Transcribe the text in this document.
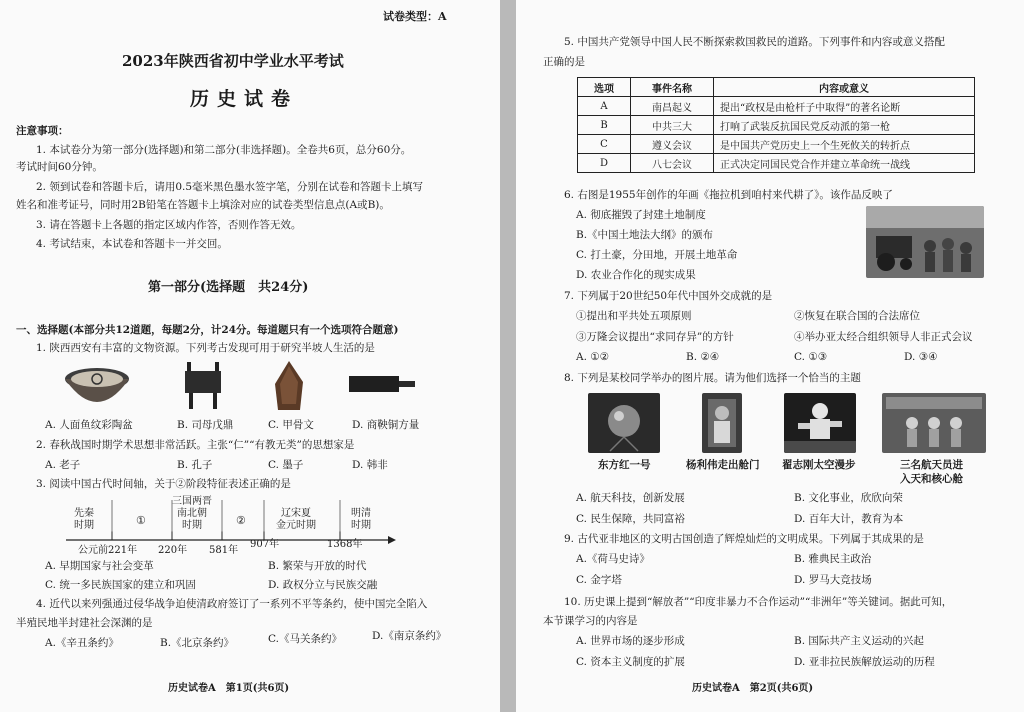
试卷类型：A
2023年陕西省初中学业水平考试
历史试卷
注意事项：
1. 本试卷分为第一部分(选择题)和第二部分(非选择题)。全卷共6页，总分60分。
考试时间60分钟。
2. 领到试卷和答题卡后，请用0.5毫米黑色墨水签字笔，分别在试卷和答题卡上填写
姓名和准考证号，同时用2B铅笔在答题卡上填涂对应的试卷类型信息点(A或B)。
3. 请在答题卡上各题的指定区域内作答，否则作答无效。
4. 考试结束，本试卷和答题卡一并交回。
第一部分(选择题　共24分)
一、选择题(本部分共12道题，每题2分，计24分。每道题只有一个选项符合题意)
1. 陕西西安有丰富的文物资源。下列考古发现可用于研究半坡人生活的是
A. 人面鱼纹彩陶盆	B. 司母戊鼎	C. 甲骨文	D. 商鞅铜方量
2. 春秋战国时期学术思想非常活跃。主张“仁”“有教无类”的思想家是
A. 老子	B. 孔子	C. 墨子	D. 韩非
3. 阅读中国古代时间轴，关于②阶段特征表述正确的是
先秦
时期	①
三国两晋
南北朝
时期	②
辽宋夏
金元时期
明清
时期
公元前221年 220年 581年
907年	1368年
A. 早期国家与社会变革	B. 繁荣与开放的时代
C. 统一多民族国家的建立和巩固	D. 政权分立与民族交融
4. 近代以来列强通过侵华战争迫使清政府签订了一系列不平等条约，使中国完全陷入
半殖民地半封建社会深渊的是
A.《辛丑条约》	B.《北京条约》	C.《马关条约》	D.《南京条约》
历史试卷A　第1页(共6页)
5. 中国共产党领导中国人民不断探索救国救民的道路。下列事件和内容或意义搭配
正确的是
选项	事件名称	内容或意义
A	南昌起义	提出“政权是由枪杆子中取得”的著名论断
B	中共三大	打响了武装反抗国民党反动派的第一枪
C	遵义会议	是中国共产党历史上一个生死攸关的转折点
D	八七会议	正式决定同国民党合作并建立革命统一战线
6. 右图是1955年创作的年画《拖拉机到咱村来代耕了》。该作品反映了
A. 彻底摧毁了封建土地制度
B.《中国土地法大纲》的颁布
C. 打土豪，分田地，开展土地革命
D. 农业合作化的现实成果
7. 下列属于20世纪50年代中国外交成就的是
①提出和平共处五项原则	②恢复在联合国的合法席位
③万隆会议提出“求同存异”的方针	④举办亚太经合组织领导人非正式会议
A. ①②	B. ②④	C. ①③	D. ③④
8. 下列是某校同学举办的图片展。请为他们选择一个恰当的主题
东方红一号	杨利伟走出舱门 翟志刚太空漫步	三名航天员进
入天和核心舱
A. 航天科技，创新发展	B. 文化事业，欣欣向荣
C. 民生保障，共同富裕	D. 百年大计，教育为本
9. 古代亚非地区的文明古国创造了辉煌灿烂的文明成果。下列属于其成果的是
A.《荷马史诗》	B. 雅典民主政治
C. 金字塔	D. 罗马大竞技场
10. 历史课上提到“解放者”“印度非暴力不合作运动”“非洲年”等关键词。据此可知，
本节课学习的内容是
A. 世界市场的逐步形成	B. 国际共产主义运动的兴起
C. 资本主义制度的扩展	D. 亚非拉民族解放运动的历程
历史试卷A　第2页(共6页)
